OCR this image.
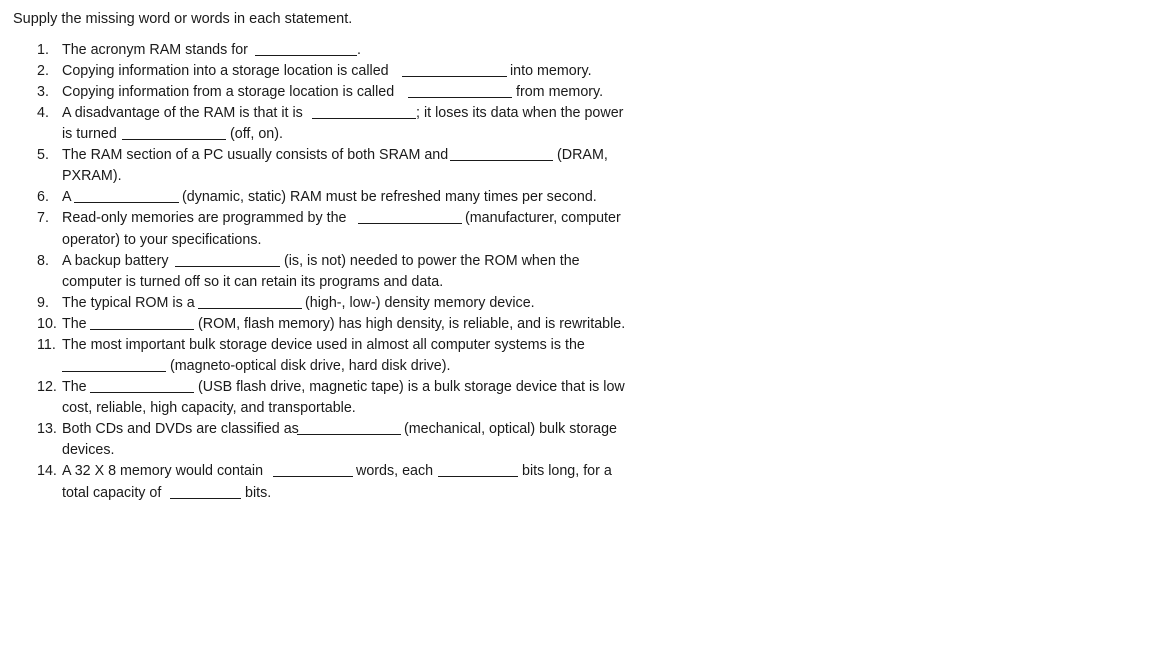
Supply the missing word or words in each statement.
1. The acronym RAM stands for	.
2. Copying information into a storage location is called	into memory.
3. Copying information from a storage location is called	from memory.
4. A disadvantage of the RAM is that it is	; it loses its data when the power
is turned	(off, on).
5. The RAM section of a PC usually consists of both SRAM and	(DRAM,
PXRAM).
6. A	(dynamic, static) RAM must be refreshed many times per second.
7. Read-only memories are programmed by the	(manufacturer, computer
operator) to your specifications.
8. A backup battery	(is, is not) needed to power the ROM when the
computer is turned off so it can retain its programs and data.
9. The typical ROM is a	(high-, low-) density memory device.
10. The	(ROM, flash memory) has high density, is reliable, and is rewritable.
11. The most important bulk storage device used in almost all computer systems is the
(magneto-optical disk drive, hard disk drive).
12. The	(USB flash drive, magnetic tape) is a bulk storage device that is low
cost, reliable, high capacity, and transportable.
13. Both CDs and DVDs are classified as	(mechanical, optical) bulk storage
devices.
14. A 32 X 8 memory would contain	words, each	bits long, for a
total capacity of	bits.
